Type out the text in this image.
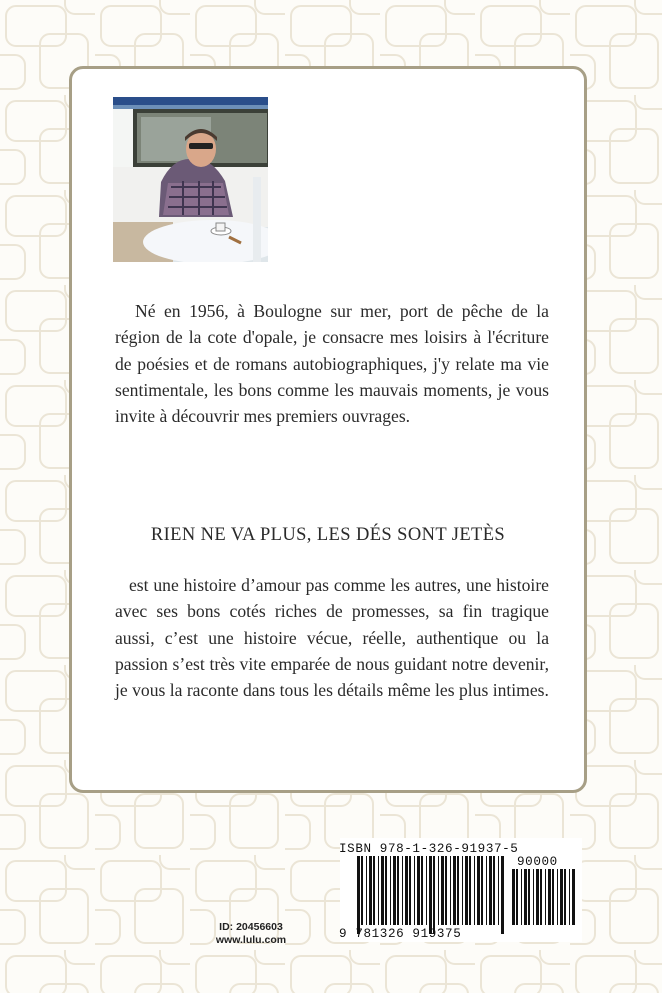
Né en 1956, à Boulogne sur mer, port de pêche de la région de la cote d'opale, je consacre mes loisirs à l'écriture de poésies et de romans autobiographiques, j'y relate ma vie sentimentale, les bons comme les mauvais moments, je vous invite à découvrir mes premiers ouvrages.

RIEN NE VA PLUS, LES DÉS SONT JETÈS

est une histoire d’amour pas comme les autres, une histoire avec ses bons cotés riches de promesses, sa fin tragique aussi, c’est une histoire vécue, réelle, authentique ou la passion s’est très vite emparée de nous guidant notre devenir, je vous la raconte dans tous les détails même les plus intimes.

ID: 20456603
www.lulu.com
ISBN 978-1-326-91937-5
90000
9 781326 919375
